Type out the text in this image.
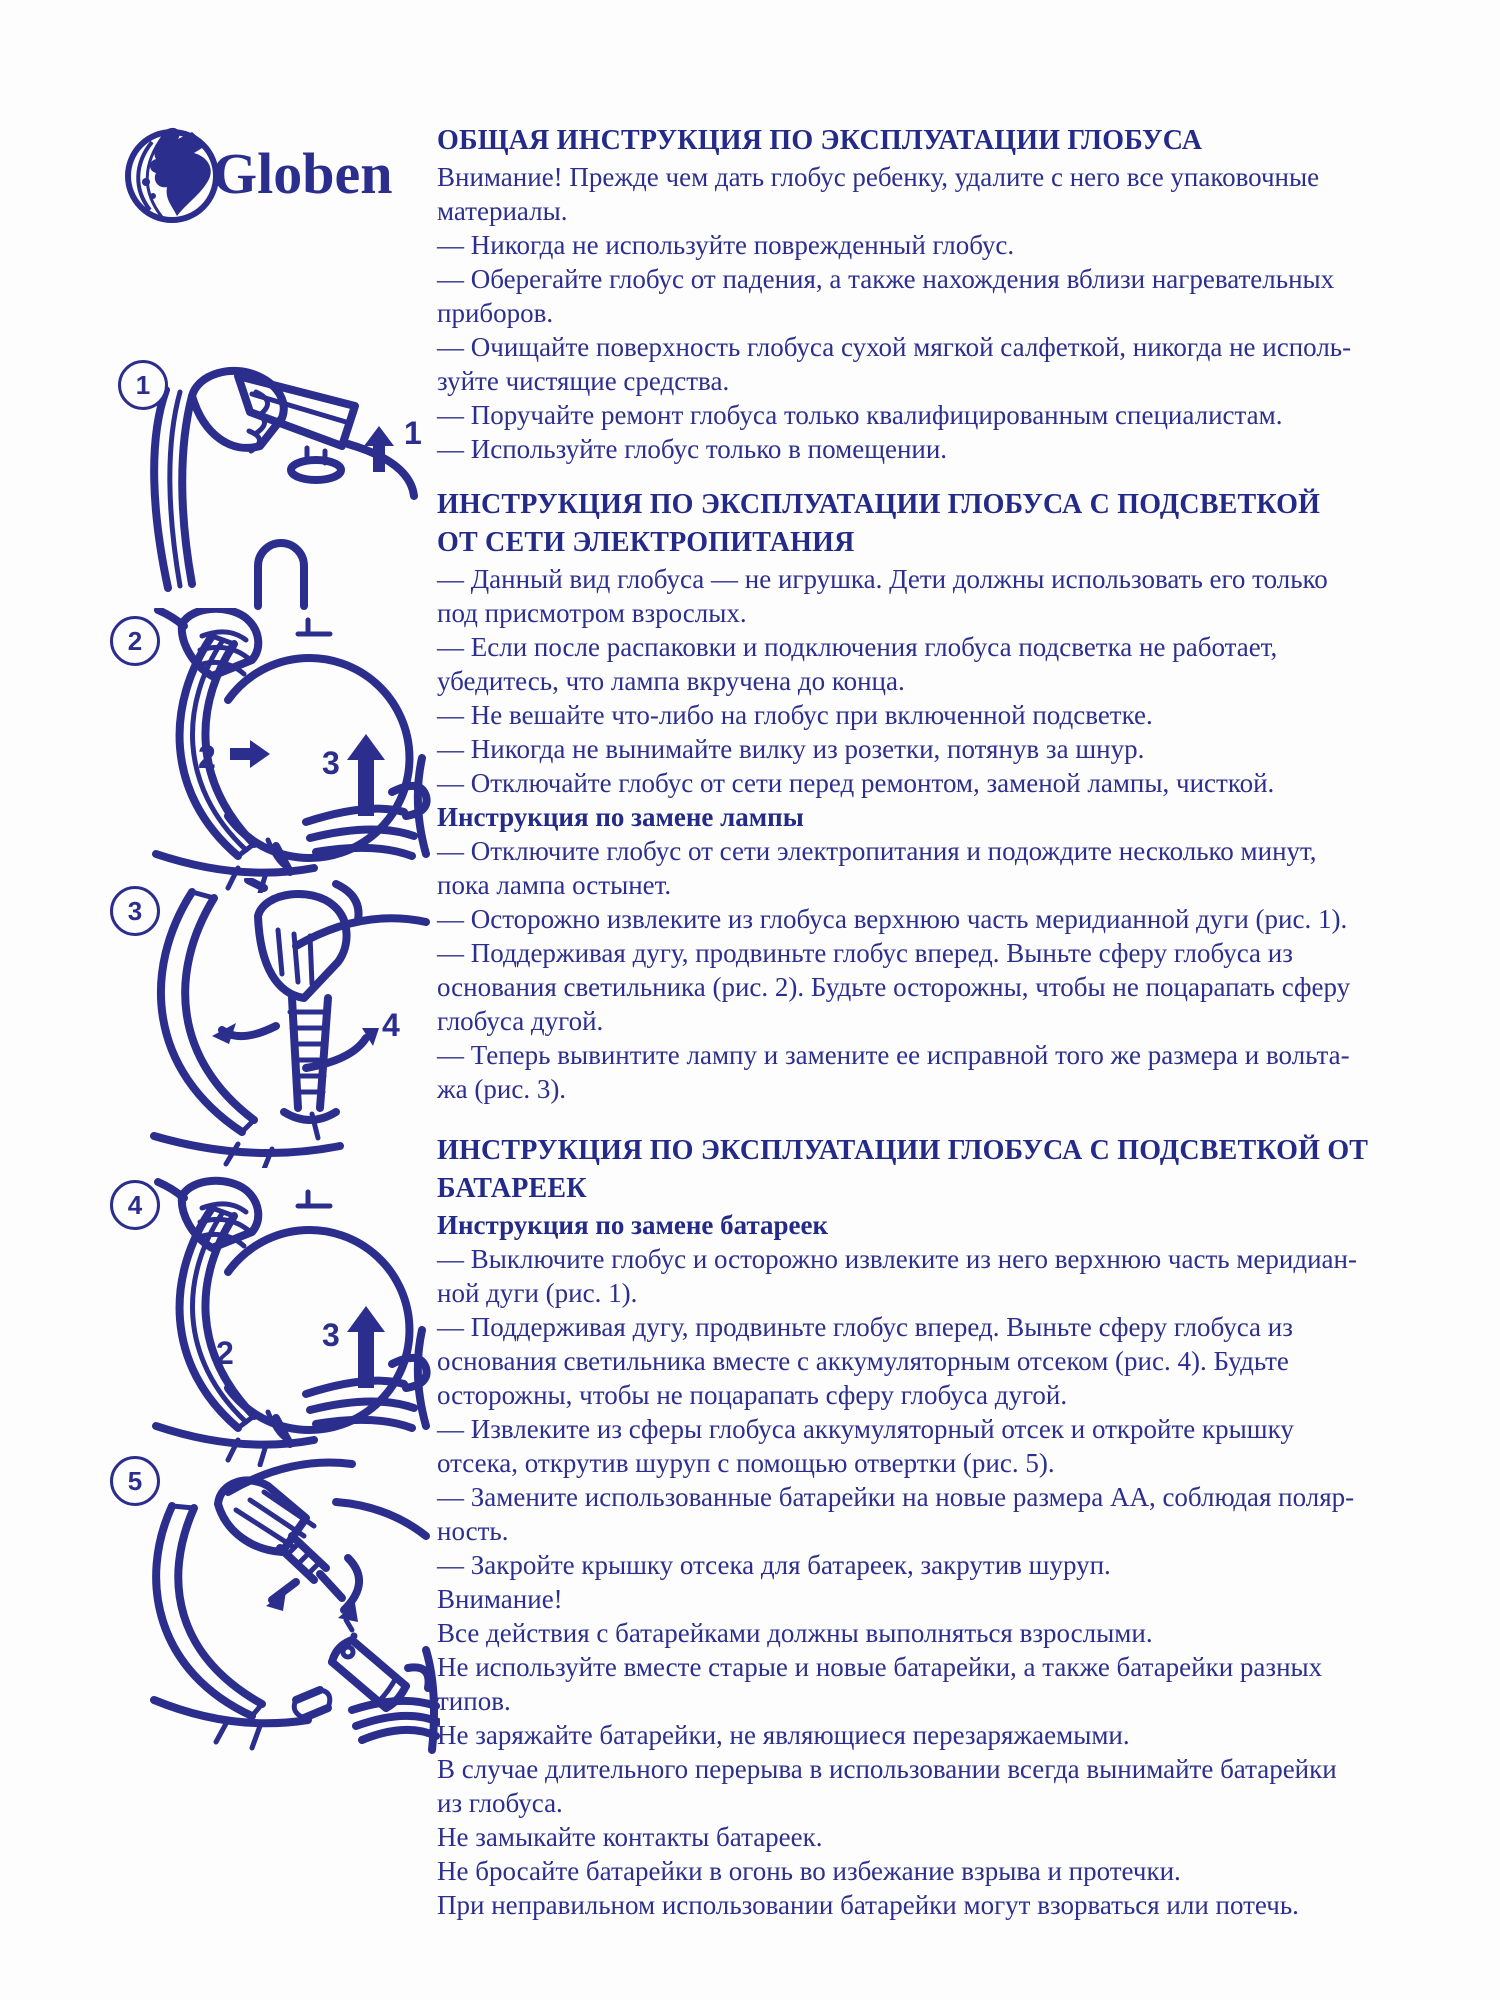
Globen
1
1
2
2	3
3
4
4
2	3
5
ОБЩАЯ ИНСТРУКЦИЯ ПО ЭКСПЛУАТАЦИИ ГЛОБУСА
Внимание! Прежде чем дать глобус ребенку, удалите с него все упаковочные
материалы.
— Никогда не используйте поврежденный глобус.
— Оберегайте глобус от падения, а также нахождения вблизи нагревательных
приборов.
— Очищайте поверхность глобуса сухой мягкой салфеткой, никогда не исполь-
зуйте чистящие средства.
— Поручайте ремонт глобуса только квалифицированным специалистам.
— Используйте глобус только в помещении.
ИНСТРУКЦИЯ ПО ЭКСПЛУАТАЦИИ ГЛОБУСА С ПОДСВЕТКОЙ
ОТ СЕТИ ЭЛЕКТРОПИТАНИЯ
— Данный вид глобуса — не игрушка. Дети должны использовать его только
под присмотром взрослых.
— Если после распаковки и подключения глобуса подсветка не работает,
убедитесь, что лампа вкручена до конца.
— Не вешайте что-либо на глобус при включенной подсветке.
— Никогда не вынимайте вилку из розетки, потянув за шнур.
— Отключайте глобус от сети перед ремонтом, заменой лампы, чисткой.
Инструкция по замене лампы
— Отключите глобус от сети электропитания и подождите несколько минут,
пока лампа остынет.
— Осторожно извлеките из глобуса верхнюю часть меридианной дуги (рис. 1).
— Поддерживая дугу, продвиньте глобус вперед. Выньте сферу глобуса из
основания светильника (рис. 2). Будьте осторожны, чтобы не поцарапать сферу
глобуса дугой.
— Теперь вывинтите лампу и замените ее исправной того же размера и вольта-
жа (рис. 3).
ИНСТРУКЦИЯ ПО ЭКСПЛУАТАЦИИ ГЛОБУСА С ПОДСВЕТКОЙ ОТ
БАТАРЕЕК
Инструкция по замене батареек
— Выключите глобус и осторожно извлеките из него верхнюю часть меридиан-
ной дуги (рис. 1).
— Поддерживая дугу, продвиньте глобус вперед. Выньте сферу глобуса из
основания светильника вместе с аккумуляторным отсеком (рис. 4). Будьте
осторожны, чтобы не поцарапать сферу глобуса дугой.
— Извлеките из сферы глобуса аккумуляторный отсек и откройте крышку
отсека, открутив шуруп с помощью отвертки (рис. 5).
— Замените использованные батарейки на новые размера АА, соблюдая поляр-
ность.
— Закройте крышку отсека для батареек, закрутив шуруп.
Внимание!
Все действия с батарейками должны выполняться взрослыми.
Не используйте вместе старые и новые батарейки, а также батарейки разных
типов.
Не заряжайте батарейки, не являющиеся перезаряжаемыми.
В случае длительного перерыва в использовании всегда вынимайте батарейки
из глобуса.
Не замыкайте контакты батареек.
Не бросайте батарейки в огонь во избежание взрыва и протечки.
При неправильном использовании батарейки могут взорваться или потечь.
